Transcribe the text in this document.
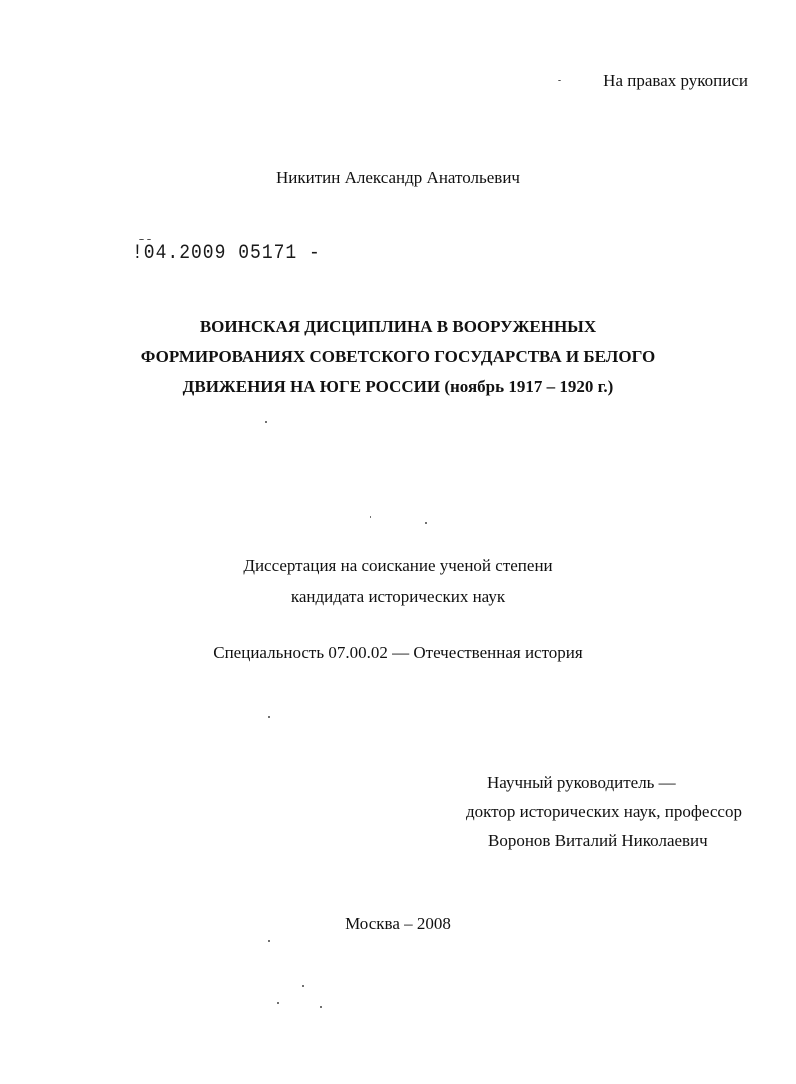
На правах рукописи
Никитин Александр Анатольевич
!04.2009 05171 -
ВОИНСКАЯ ДИСЦИПЛИНА В ВООРУЖЕННЫХ
ФОРМИРОВАНИЯХ СОВЕТСКОГО ГОСУДАРСТВА И БЕЛОГО
ДВИЖЕНИЯ НА ЮГЕ РОССИИ (ноябрь 1917 – 1920 г.)
Диссертация на соискание ученой степени
кандидата исторических наук
Специальность 07.00.02 — Отечественная история
Научный руководитель —
доктор исторических наук, профессор
Воронов Виталий Николаевич
Москва – 2008
